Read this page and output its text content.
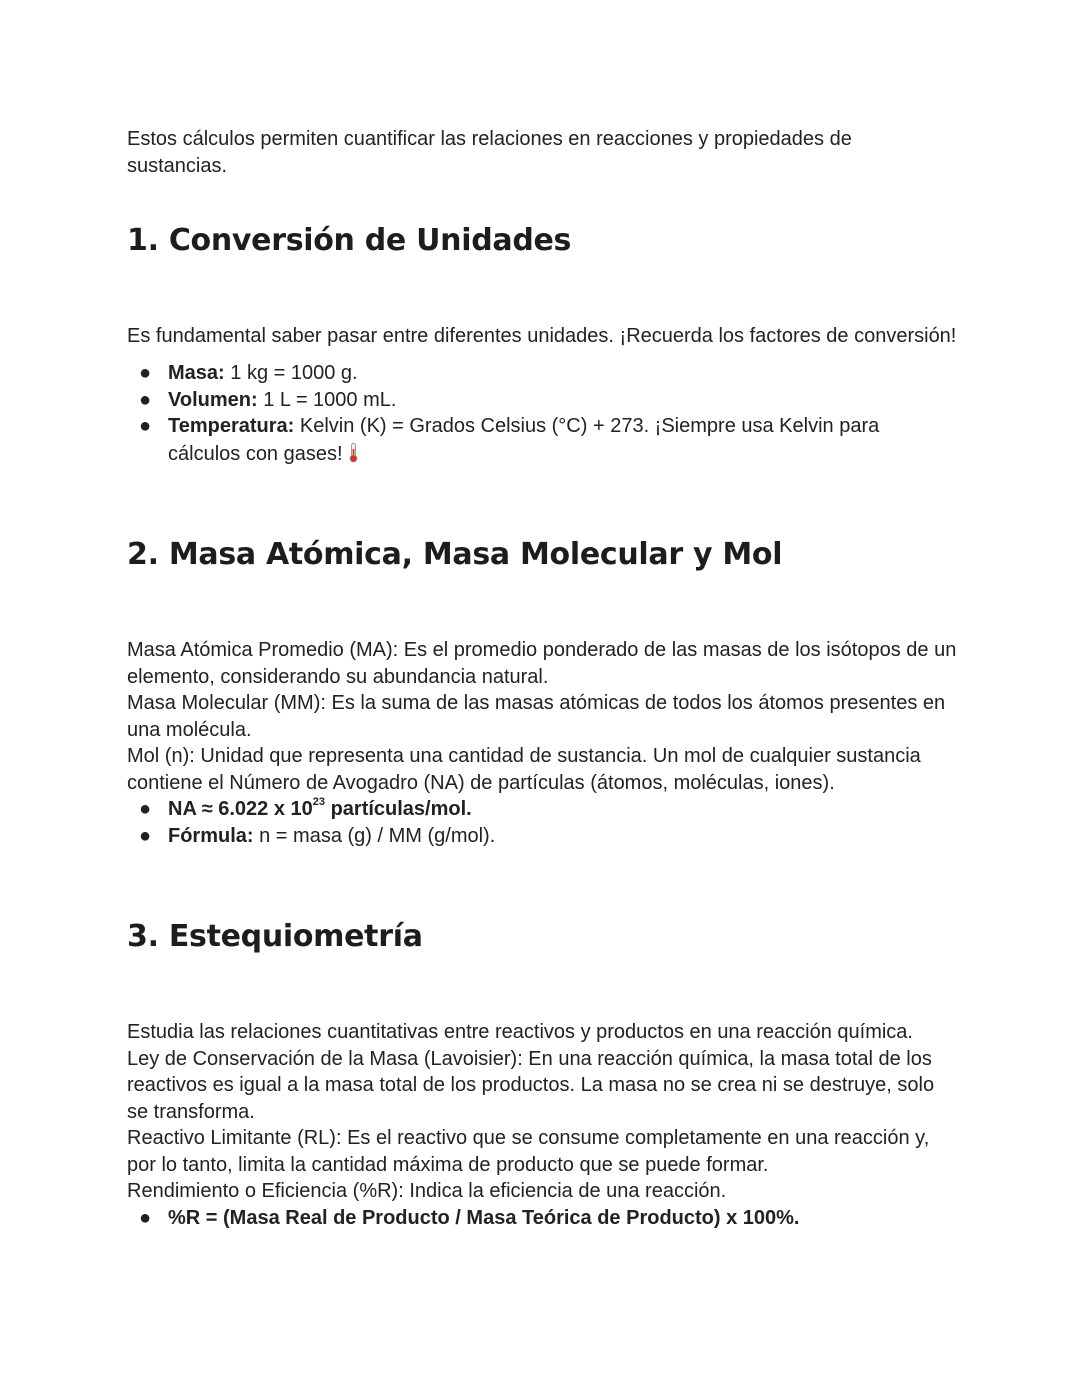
Estos cálculos permiten cuantificar las relaciones en reacciones y propiedades de sustancias.

1. Conversión de Unidades

Es fundamental saber pasar entre diferentes unidades. ¡Recuerda los factores de conversión!

● Masa: 1 kg = 1000 g.
● Volumen: 1 L = 1000 mL.
● Temperatura: Kelvin (K) = Grados Celsius (°C) + 273. ¡Siempre usa Kelvin para cálculos con gases!
2. Masa Atómica, Masa Molecular y Mol

Masa Atómica Promedio (MA): Es el promedio ponderado de las masas de los isótopos de un elemento, considerando su abundancia natural.

Masa Molecular (MM): Es la suma de las masas atómicas de todos los átomos presentes en una molécula.

Mol (n): Unidad que representa una cantidad de sustancia. Un mol de cualquier sustancia contiene el Número de Avogadro (NA) de partículas (átomos, moléculas, iones).

● NA ≈ 6.022 x $10^{23}$ partículas/mol.
● Fórmula: n = masa (g) / MM (g/mol).
3. Estequiometría

Estudia las relaciones cuantitativas entre reactivos y productos en una reacción química.

Ley de Conservación de la Masa (Lavoisier): En una reacción química, la masa total de los reactivos es igual a la masa total de los productos. La masa no se crea ni se destruye, solo se transforma.

Reactivo Limitante (RL): Es el reactivo que se consume completamente en una reacción y, por lo tanto, limita la cantidad máxima de producto que se puede formar.

Rendimiento o Eficiencia (%R): Indica la eficiencia de una reacción.

● %R = (Masa Real de Producto / Masa Teórica de Producto) x 100%.
